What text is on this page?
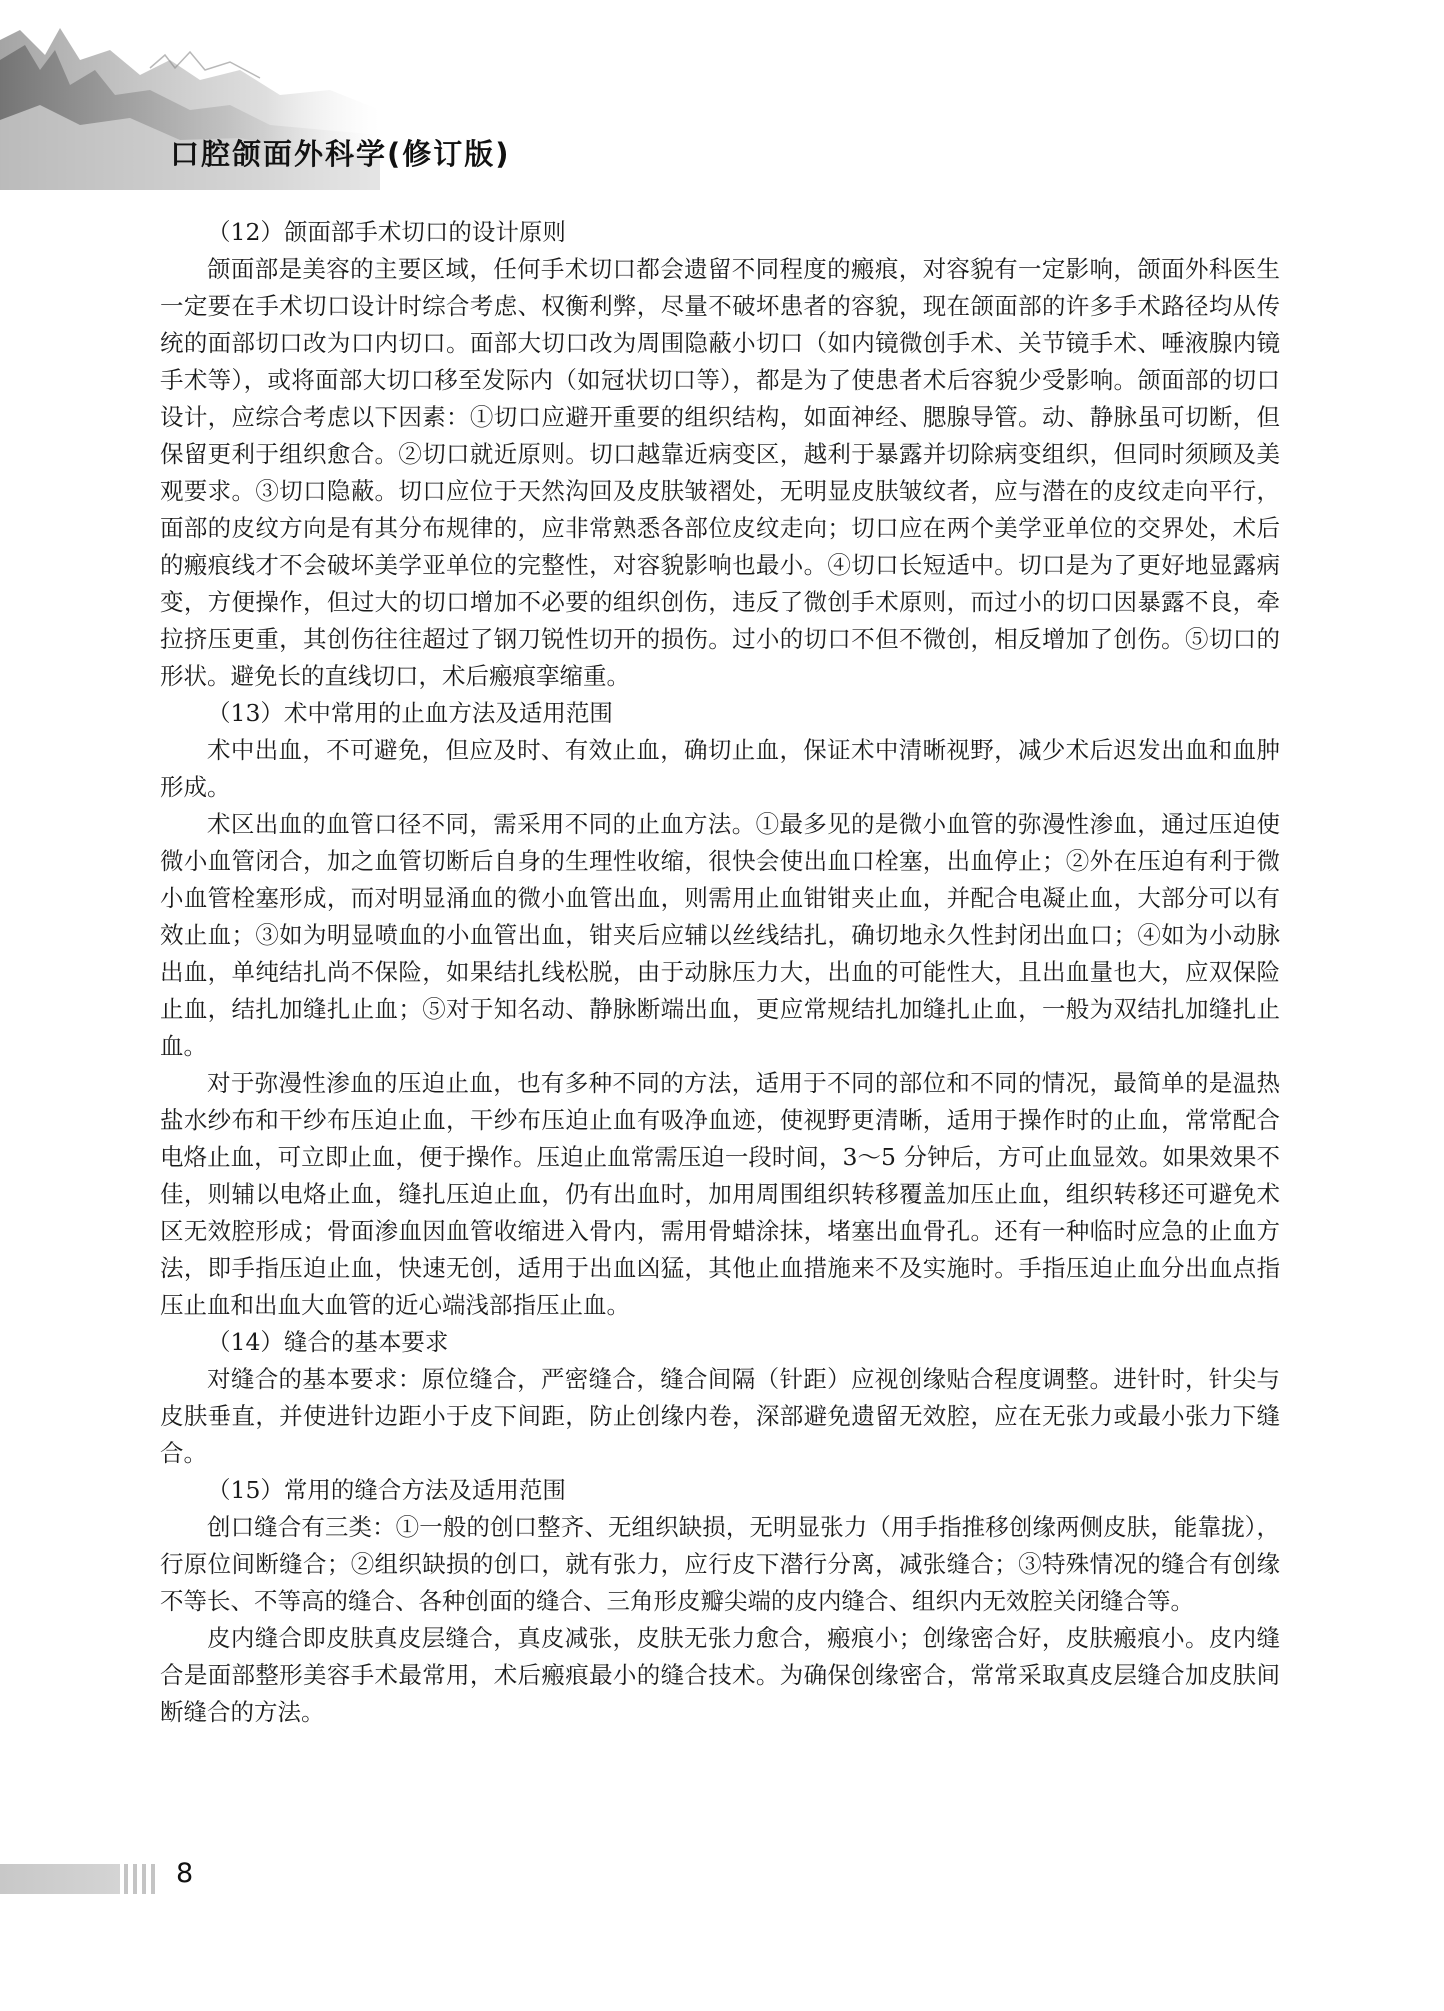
口腔颌面外科学(修订版)
（12）颌面部手术切口的设计原则

颌面部是美容的主要区域，任何手术切口都会遗留不同程度的瘢痕，对容貌有一定影响，颌面外科医生一定要在手术切口设计时综合考虑、权衡利弊，尽量不破坏患者的容貌，现在颌面部的许多手术路径均从传统的面部切口改为口内切口。面部大切口改为周围隐蔽小切口（如内镜微创手术、关节镜手术、唾液腺内镜手术等），或将面部大切口移至发际内（如冠状切口等），都是为了使患者术后容貌少受影响。颌面部的切口设计，应综合考虑以下因素：①切口应避开重要的组织结构，如面神经、腮腺导管。动、静脉虽可切断，但保留更利于组织愈合。②切口就近原则。切口越靠近病变区，越利于暴露并切除病变组织，但同时须顾及美观要求。③切口隐蔽。切口应位于天然沟回及皮肤皱褶处，无明显皮肤皱纹者，应与潜在的皮纹走向平行，面部的皮纹方向是有其分布规律的，应非常熟悉各部位皮纹走向；切口应在两个美学亚单位的交界处，术后的瘢痕线才不会破坏美学亚单位的完整性，对容貌影响也最小。④切口长短适中。切口是为了更好地显露病变，方便操作，但过大的切口增加不必要的组织创伤，违反了微创手术原则，而过小的切口因暴露不良，牵拉挤压更重，其创伤往往超过了钢刀锐性切开的损伤。过小的切口不但不微创，相反增加了创伤。⑤切口的形状。避免长的直线切口，术后瘢痕挛缩重。

（13）术中常用的止血方法及适用范围

术中出血，不可避免，但应及时、有效止血，确切止血，保证术中清晰视野，减少术后迟发出血和血肿形成。

术区出血的血管口径不同，需采用不同的止血方法。①最多见的是微小血管的弥漫性渗血，通过压迫使微小血管闭合，加之血管切断后自身的生理性收缩，很快会使出血口栓塞，出血停止；②外在压迫有利于微小血管栓塞形成，而对明显涌血的微小血管出血，则需用止血钳钳夹止血，并配合电凝止血，大部分可以有效止血；③如为明显喷血的小血管出血，钳夹后应辅以丝线结扎，确切地永久性封闭出血口；④如为小动脉出血，单纯结扎尚不保险，如果结扎线松脱，由于动脉压力大，出血的可能性大，且出血量也大，应双保险止血，结扎加缝扎止血；⑤对于知名动、静脉断端出血，更应常规结扎加缝扎止血，一般为双结扎加缝扎止血。

对于弥漫性渗血的压迫止血，也有多种不同的方法，适用于不同的部位和不同的情况，最简单的是温热盐水纱布和干纱布压迫止血，干纱布压迫止血有吸净血迹，使视野更清晰，适用于操作时的止血，常常配合电烙止血，可立即止血，便于操作。压迫止血常需压迫一段时间，3～5 分钟后，方可止血显效。如果效果不佳，则辅以电烙止血，缝扎压迫止血，仍有出血时，加用周围组织转移覆盖加压止血，组织转移还可避免术区无效腔形成；骨面渗血因血管收缩进入骨内，需用骨蜡涂抹，堵塞出血骨孔。还有一种临时应急的止血方法，即手指压迫止血，快速无创，适用于出血凶猛，其他止血措施来不及实施时。手指压迫止血分出血点指压止血和出血大血管的近心端浅部指压止血。

（14）缝合的基本要求

对缝合的基本要求：原位缝合，严密缝合，缝合间隔（针距）应视创缘贴合程度调整。进针时，针尖与皮肤垂直，并使进针边距小于皮下间距，防止创缘内卷，深部避免遗留无效腔，应在无张力或最小张力下缝合。

（15）常用的缝合方法及适用范围

创口缝合有三类：①一般的创口整齐、无组织缺损，无明显张力（用手指推移创缘两侧皮肤，能靠拢），行原位间断缝合；②组织缺损的创口，就有张力，应行皮下潜行分离，减张缝合；③特殊情况的缝合有创缘不等长、不等高的缝合、各种创面的缝合、三角形皮瓣尖端的皮内缝合、组织内无效腔关闭缝合等。

皮内缝合即皮肤真皮层缝合，真皮减张，皮肤无张力愈合，瘢痕小；创缘密合好，皮肤瘢痕小。皮内缝合是面部整形美容手术最常用，术后瘢痕最小的缝合技术。为确保创缘密合，常常采取真皮层缝合加皮肤间断缝合的方法。

8
